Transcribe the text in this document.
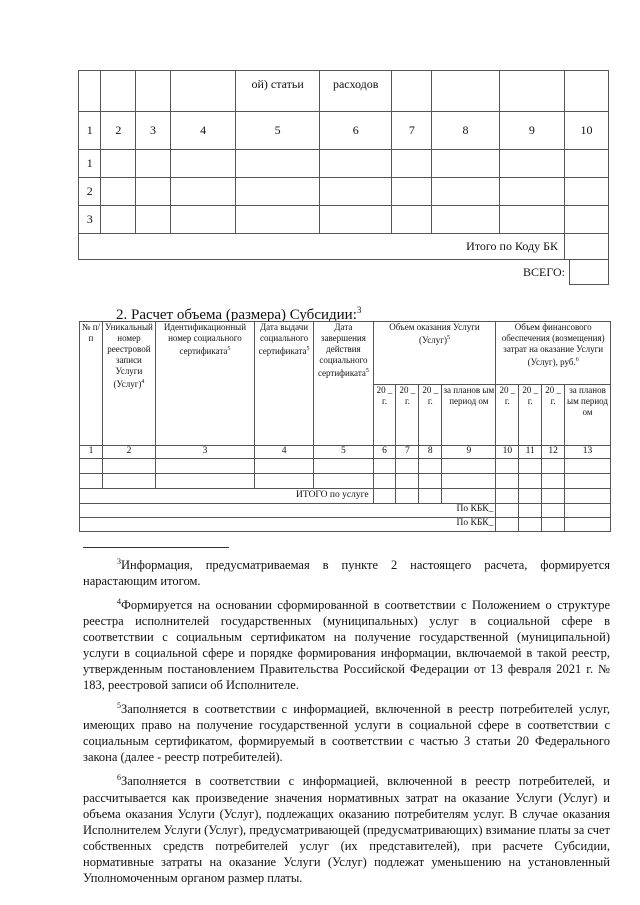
				ой) статьи	расходов				
1	2	3	4	5	6	7	8	9	10
1									
2									
3									
Итого по Коду БК									
ВСЕГО:
2. Расчет объема (размера) Субсидии:$^3$
№ п/ п	Уникальный номер реестровой записи Услуги (Услуг)$^4$	Идентификационный номер социального сертификата$^5$	Дата выдачи социального сертификата$^5$	Дата завершения действия социального сертификата$^5$	Объем оказания Услуги (Услуг)$^5$				Объем финансового обеспечения (возмещения) затрат на оказание Услуги (Услуг), руб.$^6$
					20 _ г.	20 _ г.	20 _ г.	за планов ым период ом	20 _ г.	20 _ г.	20 _ г.	за планов ым период ом
1	2	3	4	5	6	7	8	9	10	11	12	13

ИТОГО по услуге												
По КБК_												
По КБК_												

$^3$Информация, предусматриваемая в пункте 2 настоящего расчета, формируется нарастающим итогом.

$^4$Формируется на основании сформированной в соответствии с Положением о структуре реестра исполнителей государственных (муниципальных) услуг в социальной сфере в соответствии с социальным сертификатом на получение государственной (муниципальной) услуги в социальной сфере и порядке формирования информации, включаемой в такой реестр, утвержденным постановлением Правительства Российской Федерации от 13 февраля 2021 г. № 183, реестровой записи об Исполнителе.

$^5$Заполняется в соответствии с информацией, включенной в реестр потребителей услуг, имеющих право на получение государственной услуги в социальной сфере в соответствии с социальным сертификатом, формируемый в соответствии с частью 3 статьи 20 Федерального закона (далее - реестр потребителей).

$^6$Заполняется в соответствии с информацией, включенной в реестр потребителей, и рассчитывается как произведение значения нормативных затрат на оказание Услуги (Услуг) и объема оказания Услуги (Услуг), подлежащих оказанию потребителям услуг. В случае оказания Исполнителем Услуги (Услуг), предусматривающей (предусматривающих) взимание платы за счет собственных средств потребителей услуг (их представителей), при расчете Субсидии, нормативные затраты на оказание Услуги (Услуг) подлежат уменьшению на установленный Уполномоченным органом размер платы.
